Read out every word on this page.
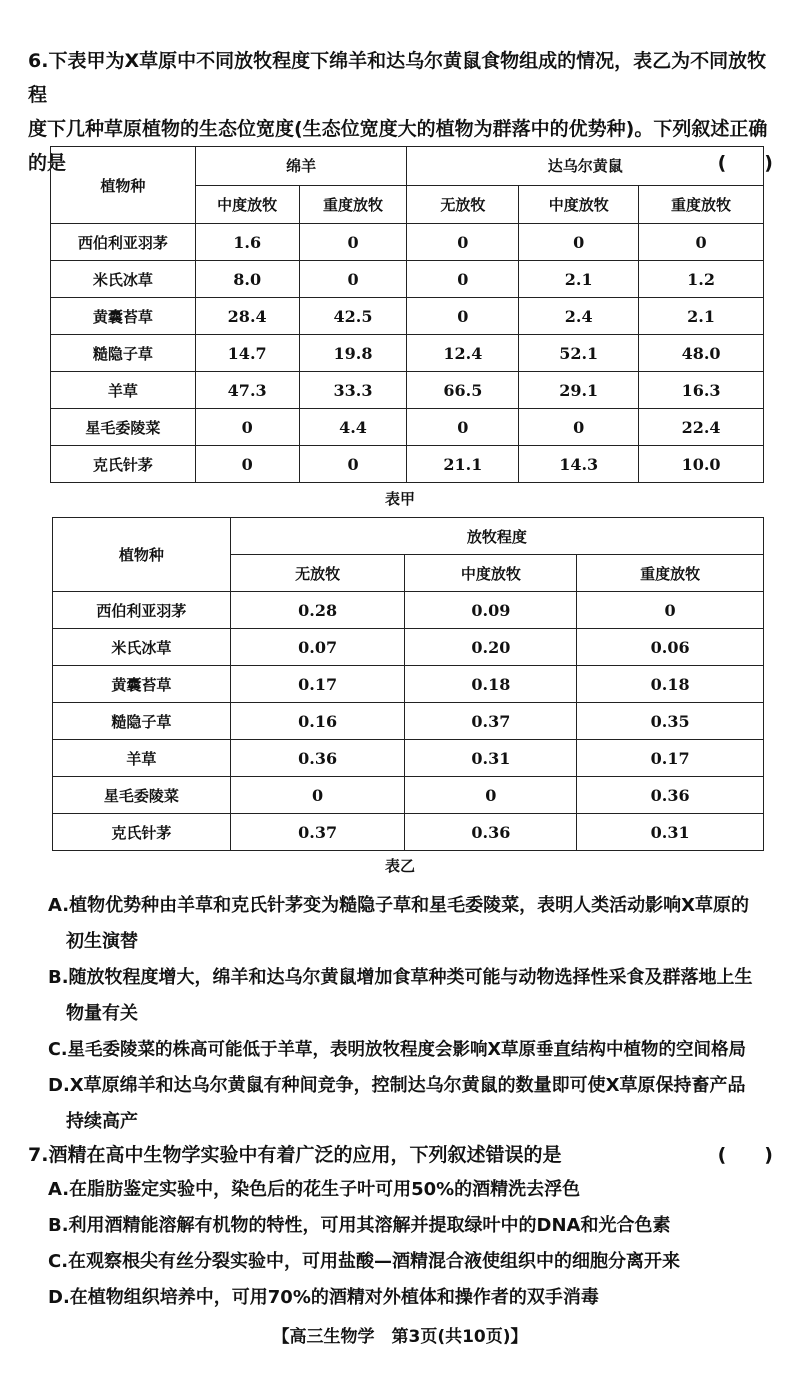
6.下表甲为X草原中不同放牧程度下绵羊和达乌尔黄鼠食物组成的情况，表乙为不同放牧程
度下几种草原植物的生态位宽度(生态位宽度大的植物为群落中的优势种)。下列叙述正确
的是	(　　)
植物种	绵羊		达乌尔黄鼠		
	中度放牧	重度放牧	无放牧	中度放牧	重度放牧
西伯利亚羽茅	1.6	0	0	0	0
米氏冰草	8.0	0	0	2.1	1.2
黄囊苔草	28.4	42.5	0	2.4	2.1
糙隐子草	14.7	19.8	12.4	52.1	48.0
羊草	47.3	33.3	66.5	29.1	16.3
星毛委陵菜	0	4.4	0	0	22.4
克氏针茅	0	0	21.1	14.3	10.0
表甲
植物种	放牧程度		
	无放牧	中度放牧	重度放牧
西伯利亚羽茅	0.28	0.09	0
米氏冰草	0.07	0.20	0.06
黄囊苔草	0.17	0.18	0.18
糙隐子草	0.16	0.37	0.35
羊草	0.36	0.31	0.17
星毛委陵菜	0	0	0.36
克氏针茅	0.37	0.36	0.31
表乙
A.植物优势种由羊草和克氏针茅变为糙隐子草和星毛委陵菜，表明人类活动影响X草原的
初生演替
B.随放牧程度增大，绵羊和达乌尔黄鼠增加食草种类可能与动物选择性采食及群落地上生
物量有关
C.星毛委陵菜的株高可能低于羊草，表明放牧程度会影响X草原垂直结构中植物的空间格局
D.X草原绵羊和达乌尔黄鼠有种间竞争，控制达乌尔黄鼠的数量即可使X草原保持畜产品
持续高产
7.酒精在高中生物学实验中有着广泛的应用，下列叙述错误的是	(　　)
A.在脂肪鉴定实验中，染色后的花生子叶可用50%的酒精洗去浮色
B.利用酒精能溶解有机物的特性，可用其溶解并提取绿叶中的DNA和光合色素
C.在观察根尖有丝分裂实验中，可用盐酸—酒精混合液使组织中的细胞分离开来
D.在植物组织培养中，可用70%的酒精对外植体和操作者的双手消毒
【高三生物学　第3页(共10页)】
